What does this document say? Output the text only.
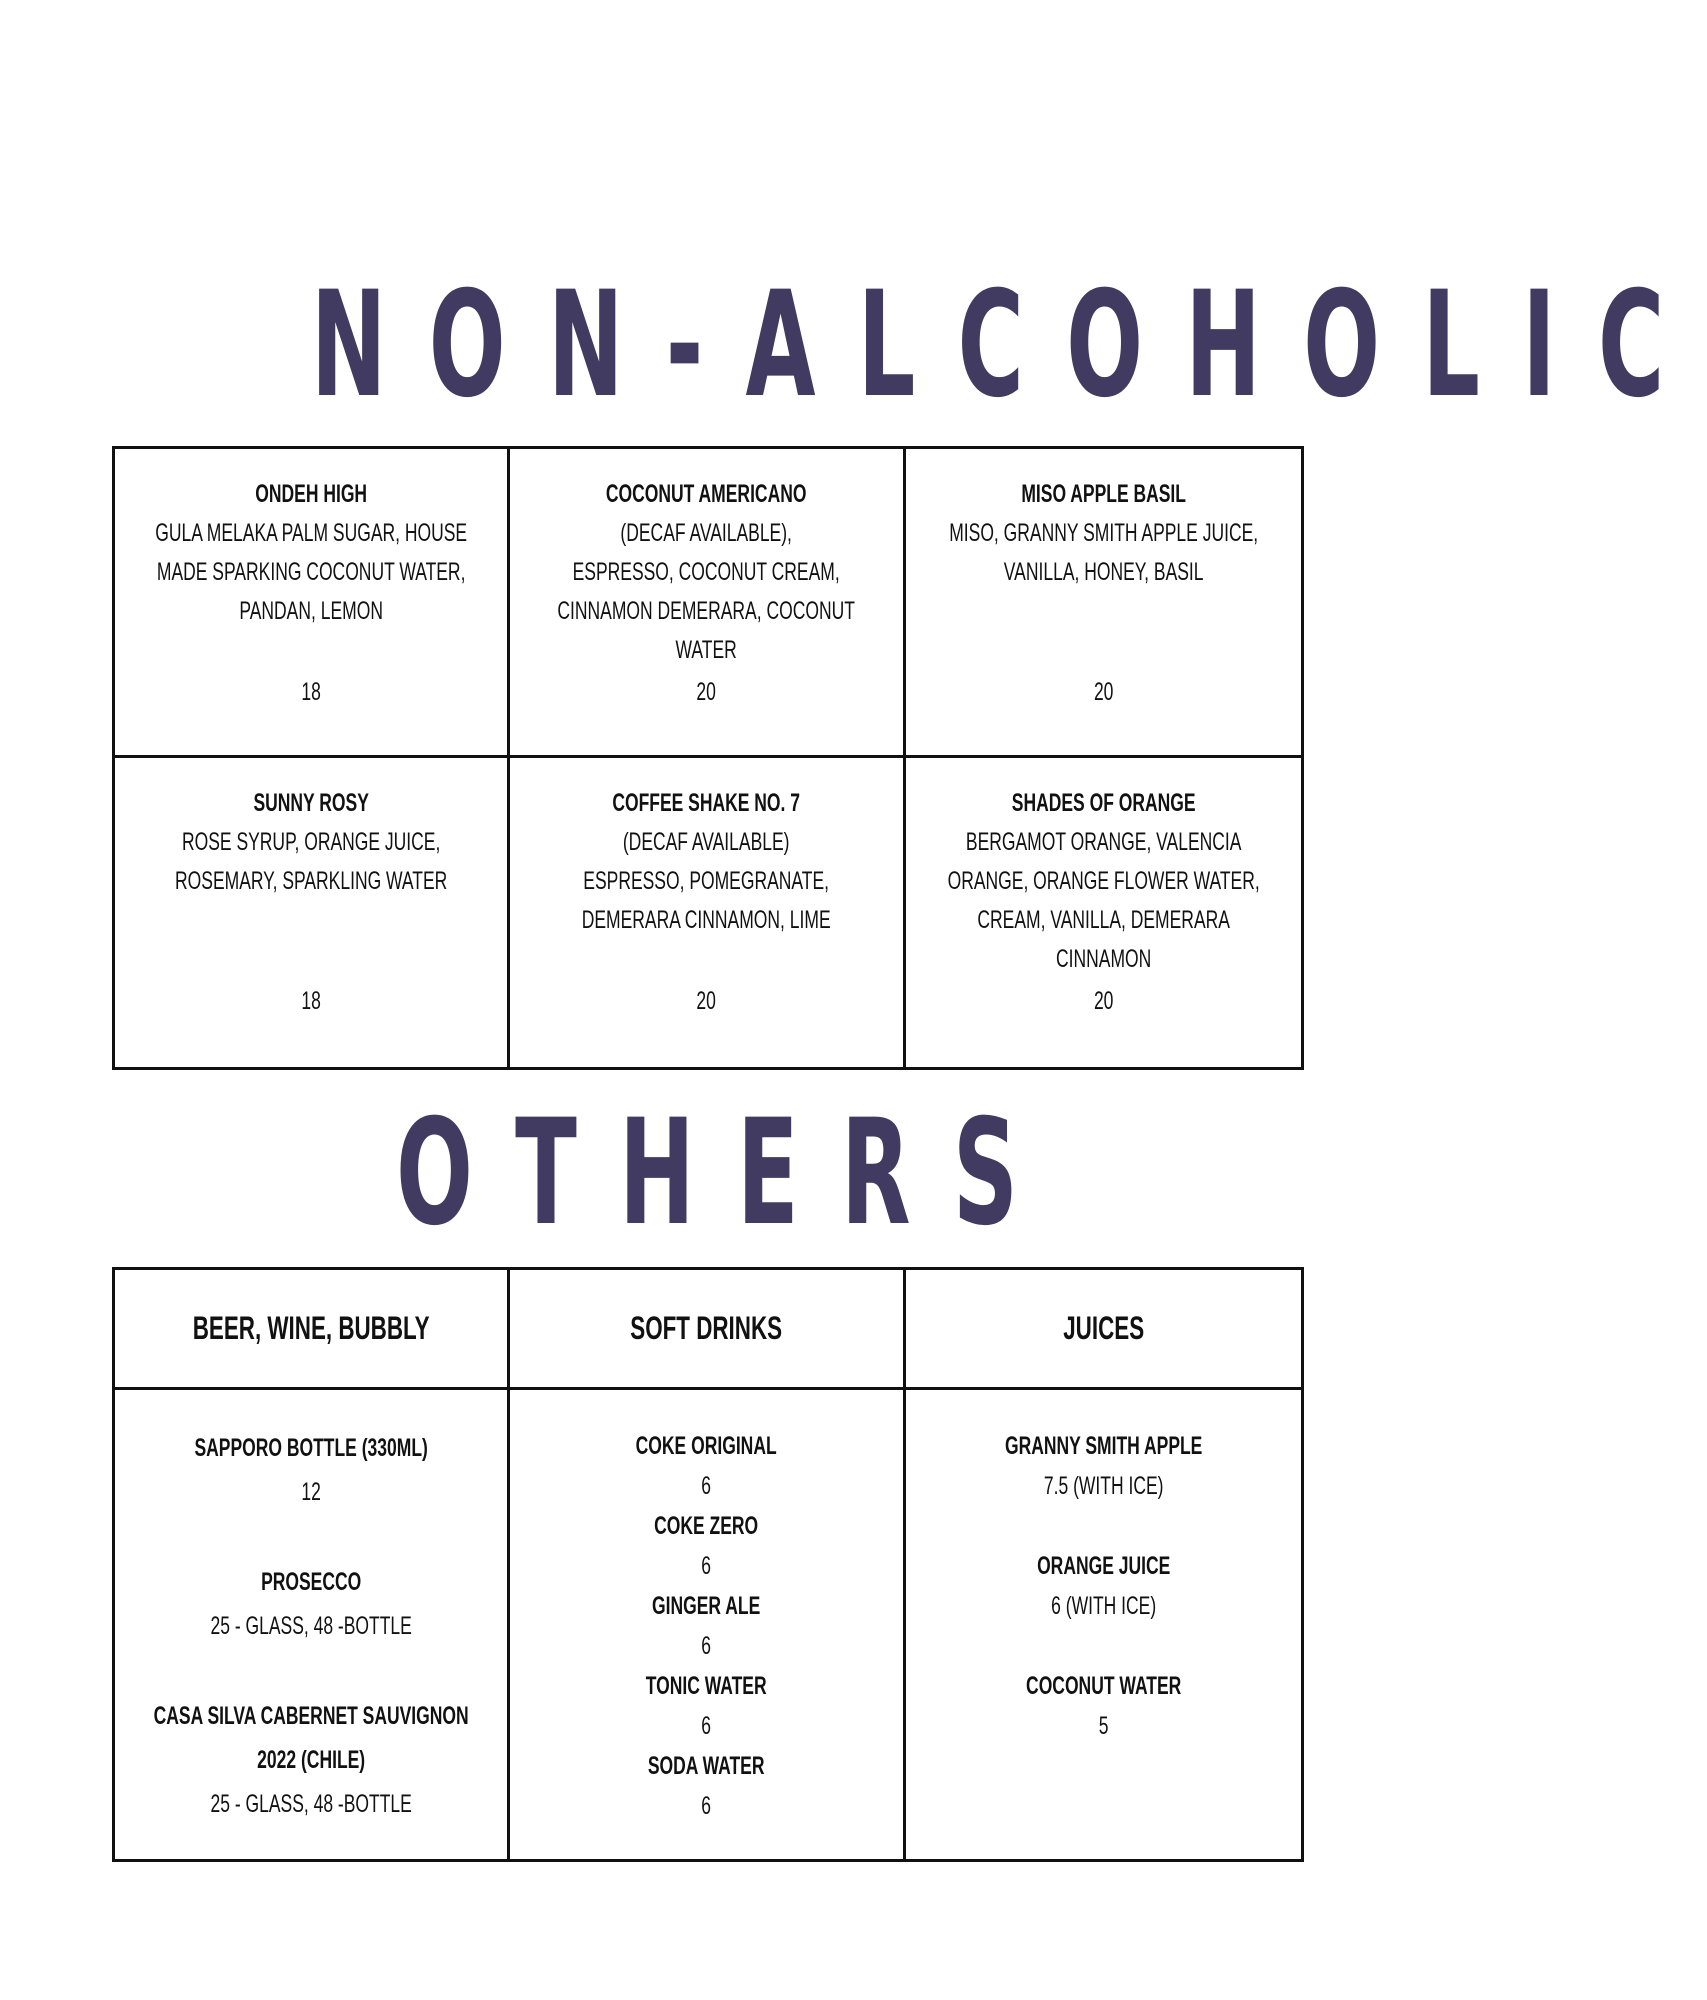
NON-ALCOHOLIC
ONDEH HIGH
GULA MELAKA PALM SUGAR, HOUSE
MADE SPARKING COCONUT WATER,
PANDAN, LEMON
18
COCONUT AMERICANO
(DECAF AVAILABLE),
ESPRESSO, COCONUT CREAM,
CINNAMON DEMERARA, COCONUT
WATER
20
MISO APPLE BASIL
MISO, GRANNY SMITH APPLE JUICE,
VANILLA, HONEY, BASIL
20
SUNNY ROSY
ROSE SYRUP, ORANGE JUICE,
ROSEMARY, SPARKLING WATER
18
COFFEE SHAKE NO. 7
(DECAF AVAILABLE)
ESPRESSO, POMEGRANATE,
DEMERARA CINNAMON, LIME
20
SHADES OF ORANGE
BERGAMOT ORANGE, VALENCIA
ORANGE, ORANGE FLOWER WATER,
CREAM, VANILLA, DEMERARA
CINNAMON
20
OTHERS
BEER, WINE, BUBBLY	SOFT DRINKS	JUICES
SAPPORO BOTTLE (330ML)
12
PROSECCO
25 - GLASS, 48 -BOTTLE
CASA SILVA CABERNET SAUVIGNON
2022 (CHILE)
25 - GLASS, 48 -BOTTLE
COKE ORIGINAL
6
COKE ZERO
6
GINGER ALE
6
TONIC WATER
6
SODA WATER
6
GRANNY SMITH APPLE
7.5 (WITH ICE)
ORANGE JUICE
6 (WITH ICE)
COCONUT WATER
5
